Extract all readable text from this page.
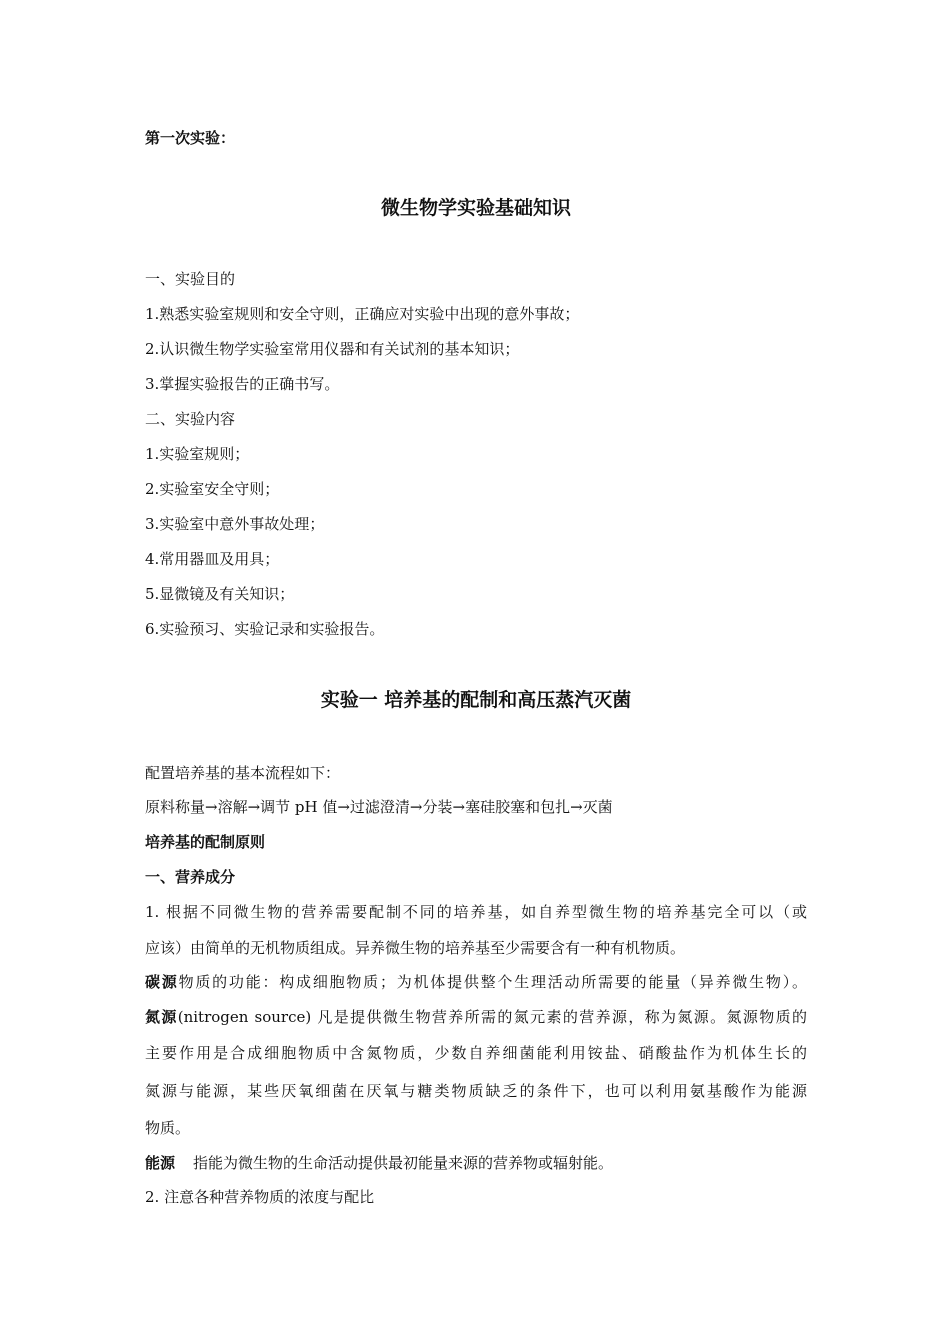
第一次实验：
微生物学实验基础知识
一、实验目的
1.熟悉实验室规则和安全守则，正确应对实验中出现的意外事故；
2.认识微生物学实验室常用仪器和有关试剂的基本知识；
3.掌握实验报告的正确书写。
二、实验内容
1.实验室规则；
2.实验室安全守则；
3.实验室中意外事故处理；
4.常用器皿及用具；
5.显微镜及有关知识；
6.实验预习、实验记录和实验报告。
实验一 培养基的配制和高压蒸汽灭菌
配置培养基的基本流程如下：
原料称量→溶解→调节 pH 值→过滤澄清→分装→塞硅胶塞和包扎→灭菌
培养基的配制原则
一、营养成分
1. 根据不同微生物的营养需要配制不同的培养基，如自养型微生物的培养基完全可以（或
应该）由简单的无机物质组成。异养微生物的培养基至少需要含有一种有机物质。
碳源物质的功能：构成细胞物质；为机体提供整个生理活动所需要的能量（异养微生物）。
氮源(nitrogen source) 凡是提供微生物营养所需的氮元素的营养源，称为氮源。氮源物质的
主要作用是合成细胞物质中含氮物质，少数自养细菌能利用铵盐、硝酸盐作为机体生长的
氮源与能源，某些厌氧细菌在厌氧与糖类物质缺乏的条件下，也可以利用氨基酸作为能源
物质。
能源 指能为微生物的生命活动提供最初能量来源的营养物或辐射能。
2. 注意各种营养物质的浓度与配比
